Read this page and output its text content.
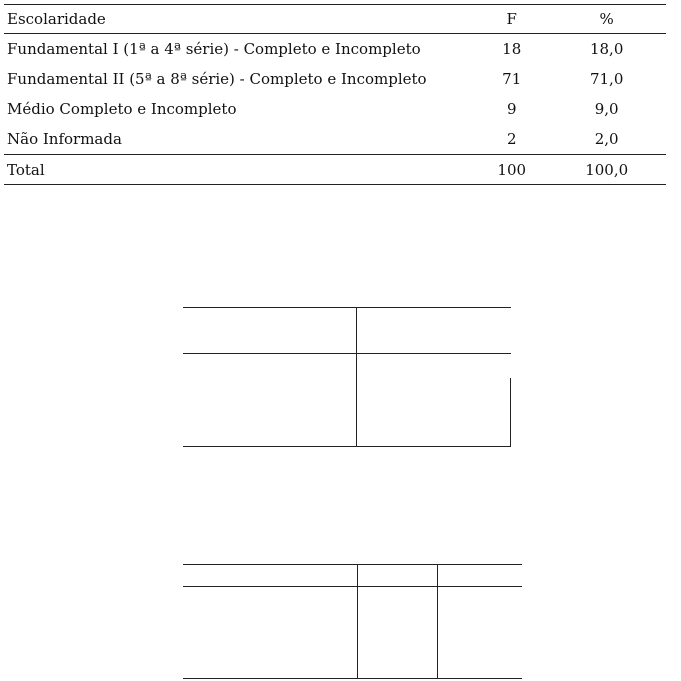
Escolaridade	F	%
Fundamental I (1ª a 4ª série) - Completo e Incompleto	18	18,0
Fundamental II (5ª a 8ª série) - Completo e Incompleto	71	71,0
Médio Completo e Incompleto	9	9,0
Não Informada	2	2,0
Total	100	100,0
